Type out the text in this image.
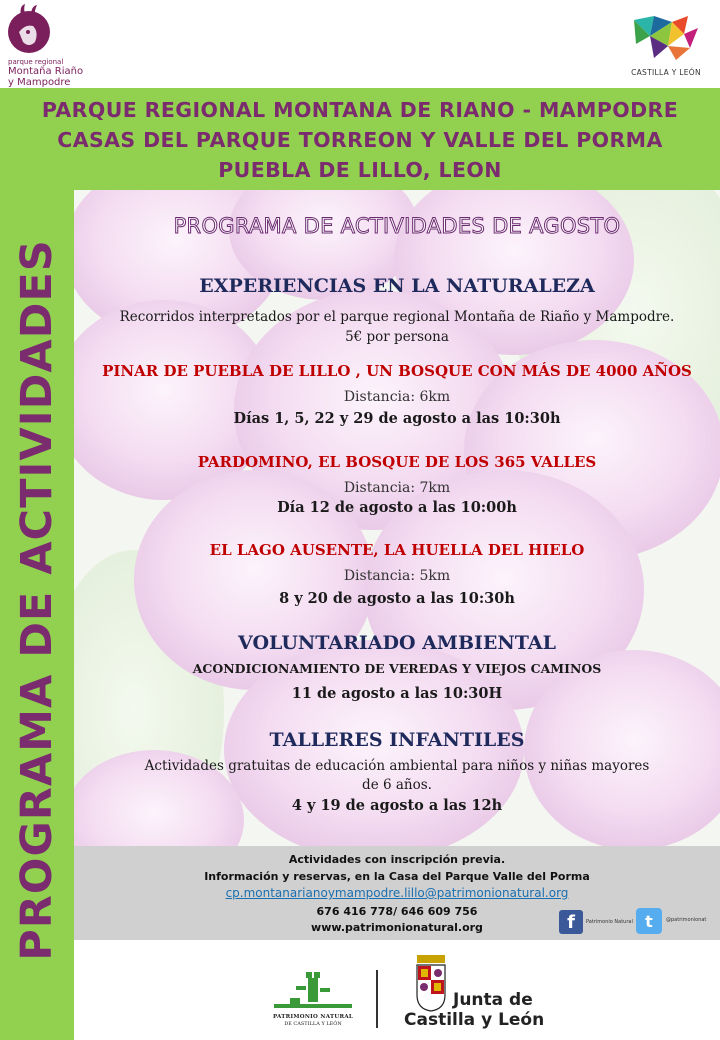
parque regional
Montaña Riaño
y Mampodre
CASTILLA Y LEÓN
PARQUE REGIONAL MONTANA DE RIANO - MAMPODRE
CASAS DEL PARQUE TORREON Y VALLE DEL PORMA
PUEBLA DE LILLO, LEON
PROGRAMA DE ACTIVIDADES
PROGRAMA DE ACTIVIDADES DE AGOSTO
EXPERIENCIAS EN LA NATURALEZA
Recorridos interpretados por el parque regional Montaña de Riaño y Mampodre.
5€ por persona
PINAR DE PUEBLA DE LILLO , UN BOSQUE CON MÁS DE 4000 AÑOS
Distancia: 6km
Días 1, 5, 22 y 29 de agosto a las 10:30h
PARDOMINO, EL BOSQUE DE LOS 365 VALLES
Distancia: 7km
Día 12 de agosto a las 10:00h
EL LAGO AUSENTE, LA HUELLA DEL HIELO
Distancia: 5km
8 y 20 de agosto a las 10:30h
VOLUNTARIADO AMBIENTAL
ACONDICIONAMIENTO DE VEREDAS Y VIEJOS CAMINOS
11 de agosto a las 10:30H
TALLERES INFANTILES
Actividades gratuitas de educación ambiental para niños y niñas mayores
de 6 años.
4 y 19 de agosto a las 12h
Actividades con inscripción previa.
Información y reservas, en la Casa del Parque Valle del Porma
cp.montanarianoymampodre.lillo@patrimonionatural.org
676 416 778/ 646 609 756
www.patrimonionatural.org	f	Patrimonio Natural t	@patrimonionat
PATRIMONIO NATURAL
DE CASTILLA Y LEÓN
Junta de
Castilla y León
